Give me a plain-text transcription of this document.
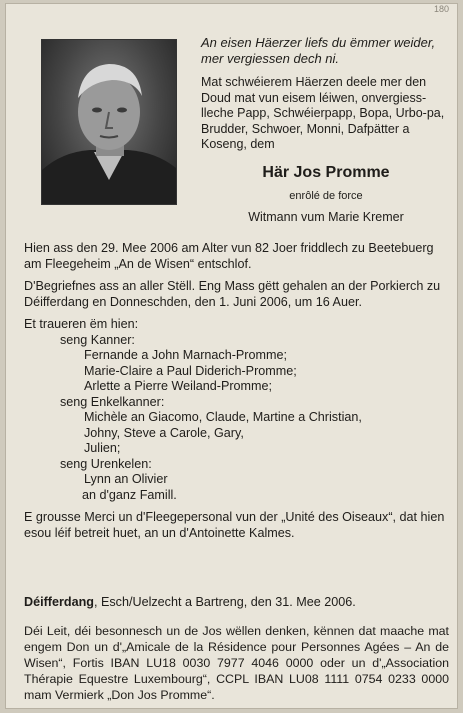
180
An eisen Häerzer liefs du ëmmer weider,
mer vergiessen dech ni.
Mat schwéierem Häerzen deele mer den Doud mat vun eisem léiwen, onvergiess-lleche Papp, Schwéierpapp, Bopa, Urbo-pa, Brudder, Schwoer, Monni, Dafpätter a Koseng, dem
Här Jos Promme
enrôlé de force
Witmann vum Marie Kremer

Hien ass den 29. Mee 2006 am Alter vun 82 Joer friddlech zu Beetebuerg am Fleegeheim „An de Wisen“ entschlof.

D'Begriefnes ass an aller Stëll. Eng Mass gëtt gehalen an der Porkierch zu Déifferdang en Donneschden, den 1. Juni 2006, um 16 Auer.

Et traueren ëm hien:

seng Kanner:

Fernande a John Marnach-Promme;

Marie-Claire a Paul Diderich-Promme;

Arlette a Pierre Weiland-Promme;

seng Enkelkanner:

Michèle an Giacomo, Claude, Martine a Christian,

Johny, Steve a Carole, Gary,

Julien;

seng Urenkelen:

Lynn an Olivier

an d'ganz Famill.

E grousse Merci un d'Fleegepersonal vun der „Unité des Oiseaux“, dat hien esou léif betreit huet, an un d'Antoinette Kalmes.

Déifferdang, Esch/Uelzecht a Bartreng, den 31. Mee 2006.
Déi Leit, déi besonnesch un de Jos wëllen denken, kënnen dat maache mat engem Don un d'„Amicale de la Résidence pour Personnes Agées – An de Wisen“, Fortis IBAN LU18 0030 7977 4046 0000 oder un d'„Association Thérapie Equestre Luxembourg“, CCPL IBAN LU08 1111 0754 0233 0000 mam Vermierk „Don Jos Promme“.
